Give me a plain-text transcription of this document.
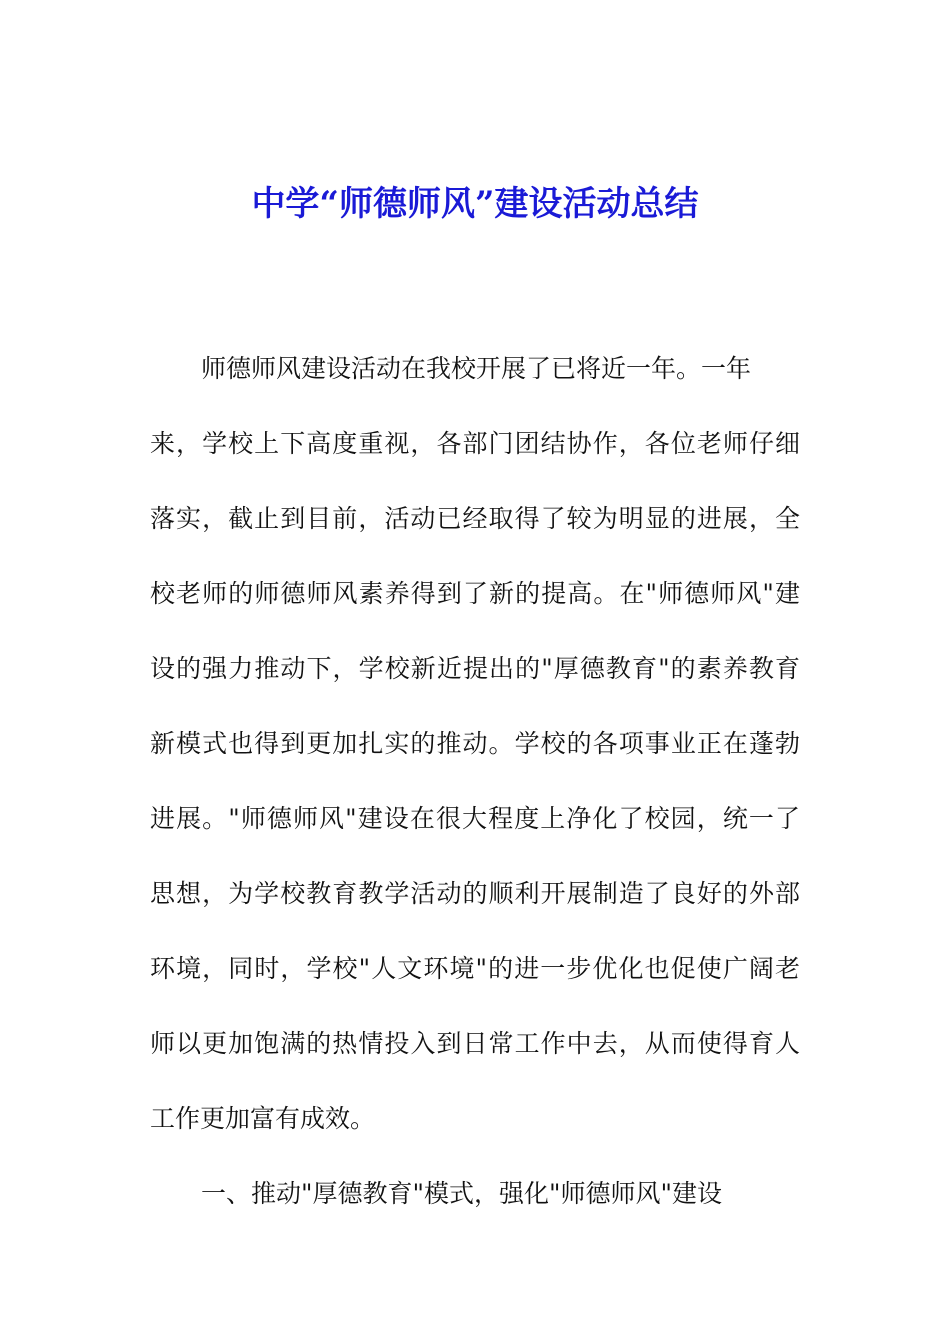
中学“师德师风”建设活动总结

师德师风建设活动在我校开展了已将近一年。一年
来，学校上下高度重视，各部门团结协作，各位老师仔细
落实，截止到目前，活动已经取得了较为明显的进展，全
校老师的师德师风素养得到了新的提高。在"师德师风"建
设的强力推动下，学校新近提出的"厚德教育"的素养教育
新模式也得到更加扎实的推动。学校的各项事业正在蓬勃
进展。"师德师风"建设在很大程度上净化了校园，统一了
思想，为学校教育教学活动的顺利开展制造了良好的外部
环境，同时，学校"人文环境"的进一步优化也促使广阔老
师以更加饱满的热情投入到日常工作中去，从而使得育人
工作更加富有成效。

一、推动"厚德教育"模式，强化"师德师风"建设
